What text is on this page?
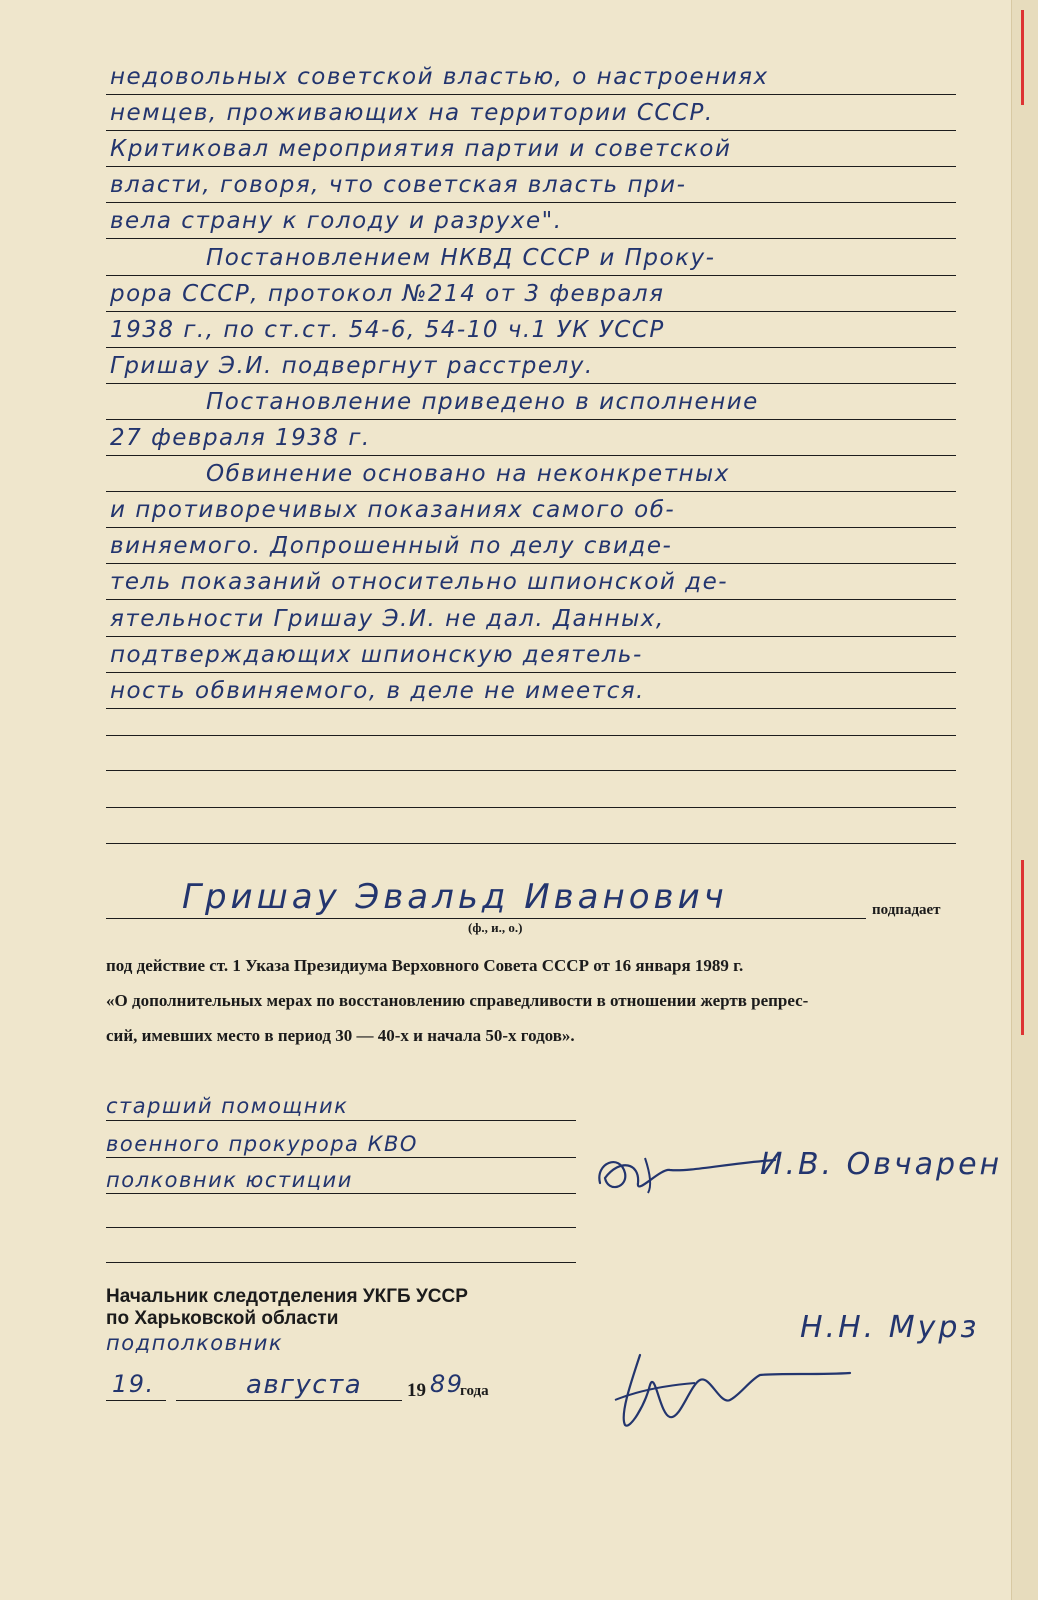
недовольных советской властью, о настроениях
немцев, проживающих на территории СССР.
Критиковал мероприятия партии и советской
власти, говоря, что советская власть при-
вела страну к голоду и разрухе".
Постановлением НКВД СССР и Проку-
рора СССР, протокол №214 от 3 февраля
1938 г., по ст.ст. 54-6, 54-10 ч.1 УК УССР
Гришау Э.И. подвергнут расстрелу.
Постановление приведено в исполнение
27 февраля 1938 г.
Обвинение основано на неконкретных
и противоречивых показаниях самого об-
виняемого. Допрошенный по делу свиде-
тель показаний относительно шпионской де-
ятельности Гришау Э.И. не дал. Данных,
подтверждающих шпионскую деятель-
ность обвиняемого, в деле не имеется.
Гришау Эвальд Иванович	подпадает
(ф., и., о.)
под действие ст. 1 Указа Президиума Верховного Совета СССР от 16 января 1989 г.
«О дополнительных мерах по восстановлению справедливости в отношении жертв репрес-
сий, имевших место в период 30 — 40-х и начала 50-х годов».
старший помощник
военного прокурора КВО
полковник юстиции	И.В. Овчарен
Начальник следотделения УКГБ УССР
по Харьковской области
подполковник	Н.Н. Мурз
19.	августа 19 89
года
